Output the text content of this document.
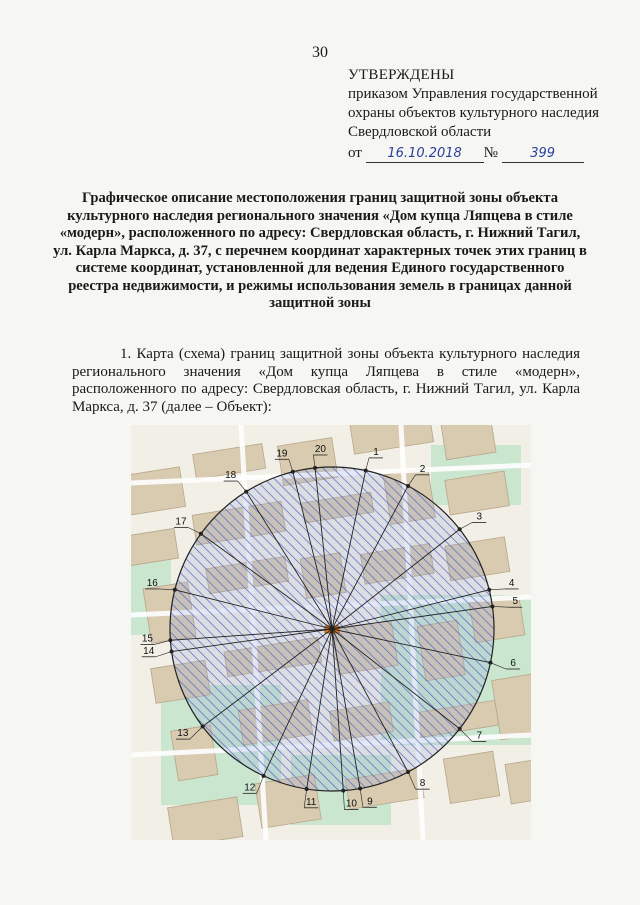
30
УТВЕРЖДЕНЫ
приказом Управления государственной
охраны объектов культурного наследия
Свердловской области
от 16.10.2018 № 399
Графическое описание местоположения границ защитной зоны объекта культурного наследия регионального значения «Дом купца Ляпцева в стиле «модерн», расположенного по адресу: Свердловская область, г. Нижний Тагил, ул. Карла Маркса, д. 37, с перечнем координат характерных точек этих границ в системе координат, установленной для ведения Единого государственного реестра недвижимости, и режимы использования земель в границах данной защитной зоны
1. Карта (схема) границ защитной зоны объекта культурного наследия регионального значения «Дом купца Ляпцева в стиле «модерн», расположенного по адресу: Свердловская область, г. Нижний Тагил, ул. Карла Маркса, д. 37 (далее – Объект):
1
2
3
4
5
6
7
8
9
10
11
12
13
14
15
16
17
18
19	20
